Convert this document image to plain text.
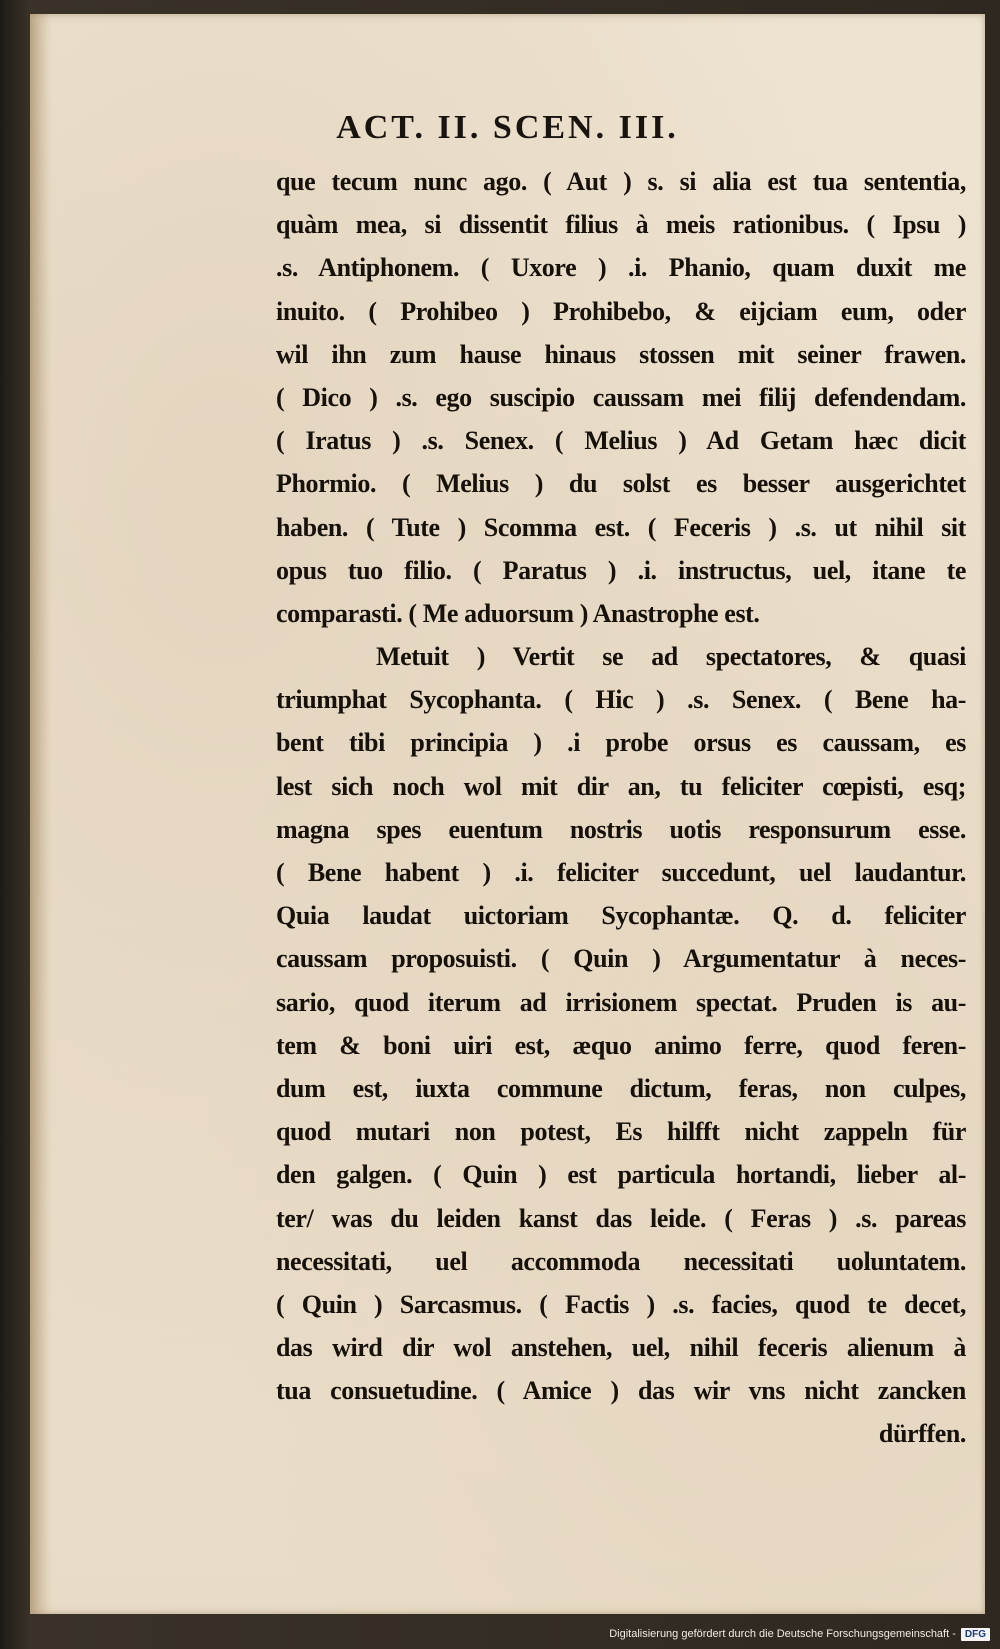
ACT. II. SCEN. III.
que tecum nunc ago. ( Aut ) s. si alia est tua sententia,
quàm mea, si dissentit filius à meis rationibus. ( Ipsu )
.s. Antiphonem. ( Uxore ) .i. Phanio, quam duxit me
inuito. ( Prohibeo ) Prohibebo, & eijciam eum, oder
wil ihn zum hause hinaus stossen mit seiner frawen.
( Dico ) .s. ego suscipio caussam mei filij defendendam.
( Iratus ) .s. Senex. ( Melius ) Ad Getam hæc dicit
Phormio. ( Melius ) du solst es besser ausgerichtet
haben. ( Tute ) Scomma est. ( Feceris ) .s. ut nihil sit
opus tuo filio. ( Paratus ) .i. instructus, uel, itane te
comparasti. ( Me aduorsum ) Anastrophe est.
Metuit ) Vertit se ad spectatores, & quasi
triumphat Sycophanta. ( Hic ) .s. Senex. ( Bene ha-
bent tibi principia ) .i probe orsus es caussam, es
lest sich noch wol mit dir an, tu feliciter cœpisti, esq;
magna spes euentum nostris uotis responsurum esse.
( Bene habent ) .i. feliciter succedunt, uel laudantur.
Quia laudat uictoriam Sycophantæ. Q. d. feliciter
caussam proposuisti. ( Quin ) Argumentatur à neces-
sario, quod iterum ad irrisionem spectat. Pruden is au-
tem & boni uiri est, æquo animo ferre, quod feren-
dum est, iuxta commune dictum, feras, non culpes,
quod mutari non potest, Es hilfft nicht zappeln für
den galgen. ( Quin ) est particula hortandi, lieber al-
ter/ was du leiden kanst das leide. ( Feras ) .s. pareas
necessitati, uel accommoda necessitati uoluntatem.
( Quin ) Sarcasmus. ( Factis ) .s. facies, quod te decet,
das wird dir wol anstehen, uel, nihil feceris alienum à
tua consuetudine. ( Amice ) das wir vns nicht zancken
dürffen.
Digitalisierung gefördert durch die Deutsche Forschungsgemeinschaft - DFG
